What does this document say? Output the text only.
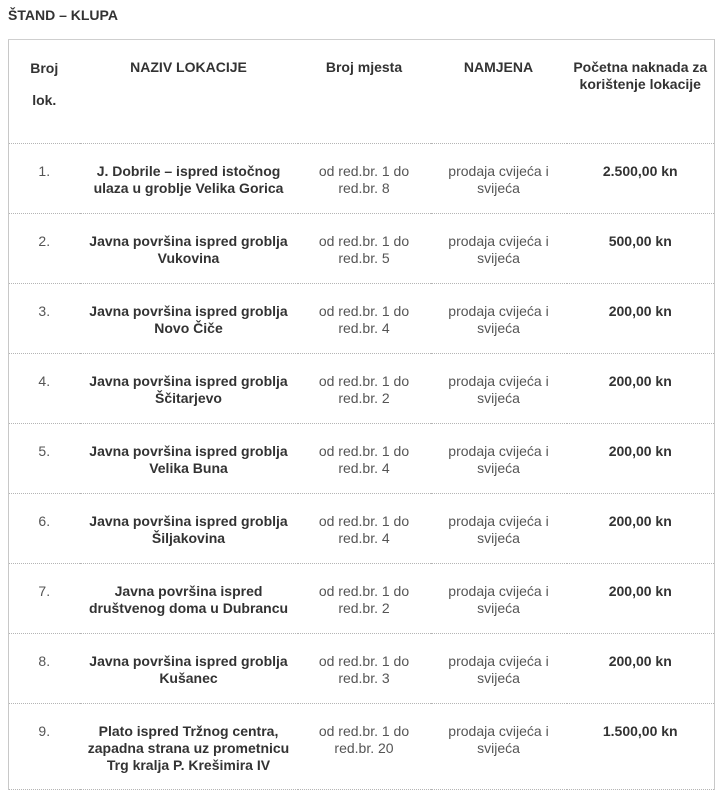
ŠTAND – KLUPA
Broj
lok.	NAZIV LOKACIJE	Broj mjesta	NAMJENA	Početna naknada za korištenje lokacije
1.	J. Dobrile – ispred istočnog ulaza u groblje Velika Gorica	od red.br. 1 do red.br. 8	prodaja cvijeća i svijeća	2.500,00 kn
2.	Javna površina ispred groblja Vukovina	od red.br. 1 do red.br. 5	prodaja cvijeća i svijeća	500,00 kn
3.	Javna površina ispred groblja Novo Čiče	od red.br. 1 do red.br. 4	prodaja cvijeća i svijeća	200,00 kn
4.	Javna površina ispred groblja Ščitarjevo	od red.br. 1 do red.br. 2	prodaja cvijeća i svijeća	200,00 kn
5.	Javna površina ispred groblja Velika Buna	od red.br. 1 do red.br. 4	prodaja cvijeća i svijeća	200,00 kn
6.	Javna površina ispred groblja Šiljakovina	od red.br. 1 do red.br. 4	prodaja cvijeća i svijeća	200,00 kn
7.	Javna površina ispred društvenog doma u Dubrancu	od red.br. 1 do red.br. 2	prodaja cvijeća i svijeća	200,00 kn
8.	Javna površina ispred groblja Kušanec	od red.br. 1 do red.br. 3	prodaja cvijeća i svijeća	200,00 kn
9.	Plato ispred Tržnog centra, zapadna strana uz prometnicu Trg kralja P. Krešimira IV	od red.br. 1 do red.br. 20	prodaja cvijeća i svijeća	1.500,00 kn
